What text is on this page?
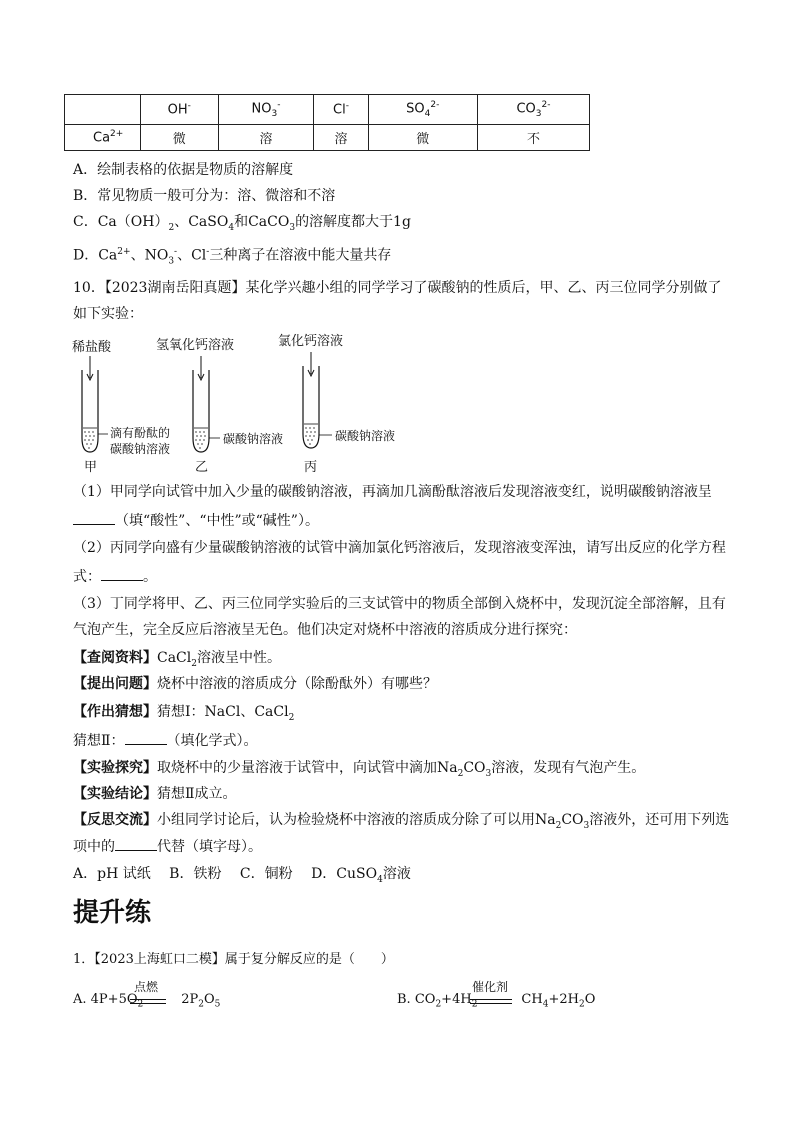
	OH-	$NO_3^-$	Cl-	$SO_4^{2-}$	$CO_3^{2-}$
$Ca^{2+}$	微	溶	溶	微	不
A．绘制表格的依据是物质的溶解度
B．常见物质一般可分为：溶、微溶和不溶
C．$Ca(OH)_2$、CaSO$_4$和CaCO$_3$的溶解度都大于1g
D．$Ca^{2+}$、$NO_3^-$、Cl-三种离子在溶液中能大量共存
10．【2023湖南岳阳真题】某化学兴趣小组的同学学习了碳酸钠的性质后，甲、乙、丙三位同学分别做了
如下实验：
稀盐酸
滴有酚酞的
碳酸钠溶液
甲
氢氧化钙溶液
碳酸钠溶液
乙
氯化钙溶液
碳酸钠溶液
丙
（1）甲同学向试管中加入少量的碳酸钠溶液，再滴加几滴酚酞溶液后发现溶液变红，说明碳酸钠溶液呈
（填“酸性”、“中性”或“碱性”）。
（2）丙同学向盛有少量碳酸钠溶液的试管中滴加氯化钙溶液后，发现溶液变浑浊，请写出反应的化学方程
式：	。
（3）丁同学将甲、乙、丙三位同学实验后的三支试管中的物质全部倒入烧杯中，发现沉淀全部溶解，且有
气泡产生，完全反应后溶液呈无色。他们决定对烧杯中溶液的溶质成分进行探究：
【查阅资料】CaCl$_2$溶液呈中性。
【提出问题】烧杯中溶液的溶质成分（除酚酞外）有哪些？
【作出猜想】猜想Ⅰ：NaCl、CaCl$_2$
猜想Ⅱ：	（填化学式）。
【实验探究】取烧杯中的少量溶液于试管中，向试管中滴加$Na_2CO_3$溶液，发现有气泡产生。
【实验结论】猜想Ⅱ成立。
【反思交流】小组同学讨论后，认为检验烧杯中溶液的溶质成分除了可以用$Na_2CO_3$溶液外，还可用下列选
项中的	代替（填字母）。
A．pH 试纸　 B．铁粉　 C．铜粉　 D．CuSO$_4$溶液
提升练
1．【2023上海虹口二模】属于复分解反应的是（　　）
A. $4P+5O_2$	$2P_2O_5$
点燃
B. $CO_2+4H_2$	$CH_4+2H_2O$
催化剂
